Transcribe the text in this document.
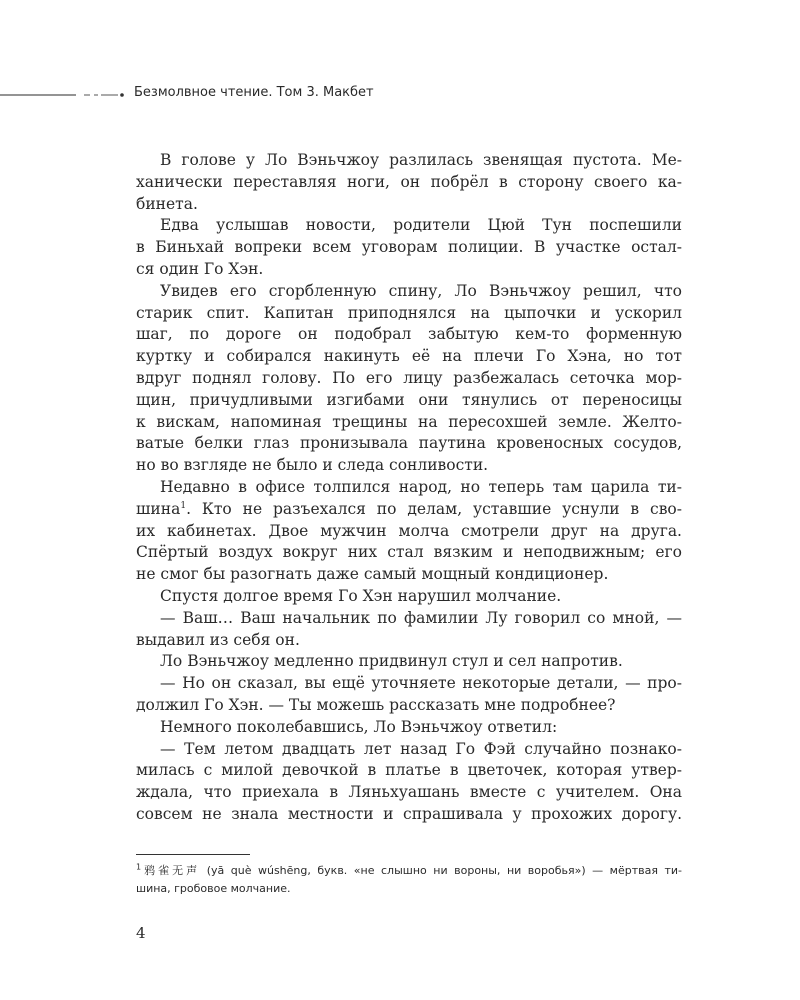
Безмолвное чтение. Том 3. Макбет
В голове у Ло Вэньчжоу разлилась звенящая пустота. Ме-
ханически переставляя ноги, он побрёл в сторону своего ка-
бинета.
Едва услышав новости, родители Цюй Тун поспешили
в Биньхай вопреки всем уговорам полиции. В участке остал-
ся один Го Хэн.
Увидев его сгорбленную спину, Ло Вэньчжоу решил, что
старик спит. Капитан приподнялся на цыпочки и ускорил
шаг, по дороге он подобрал забытую кем-то форменную
куртку и собирался накинуть её на плечи Го Хэна, но тот
вдруг поднял голову. По его лицу разбежалась сеточка мор-
щин, причудливыми изгибами они тянулись от переносицы
к вискам, напоминая трещины на пересохшей земле. Желто-
ватые белки глаз пронизывала паутина кровеносных сосудов,
но во взгляде не было и следа сонливости.
Недавно в офисе толпился народ, но теперь там царила ти-
шина$^1$. Кто не разъехался по делам, уставшие уснули в сво-
их кабинетах. Двое мужчин молча смотрели друг на друга.
Спёртый воздух вокруг них стал вязким и неподвижным; его
не смог бы разогнать даже самый мощный кондиционер.
Спустя долгое время Го Хэн нарушил молчание.
— Ваш… Ваш начальник по фамилии Лу говорил со мной, —
выдавил из себя он.
Ло Вэньчжоу медленно придвинул стул и сел напротив.
— Но он сказал, вы ещё уточняете некоторые детали, — про-
должил Го Хэн. — Ты можешь рассказать мне подробнее?
Немного поколебавшись, Ло Вэньчжоу ответил:
— Тем летом двадцать лет назад Го Фэй случайно познако-
милась с милой девочкой в платье в цветочек, которая утвер-
ждала, что приехала в Ляньхуашань вместе с учителем. Она
совсем не знала местности и спрашивала у прохожих дорогу.
$^1$鸦雀无声 (yā què wúshēng, букв. «не слышно ни вороны, ни воробья») — мёртвая ти-
шина, гробовое молчание.
4
